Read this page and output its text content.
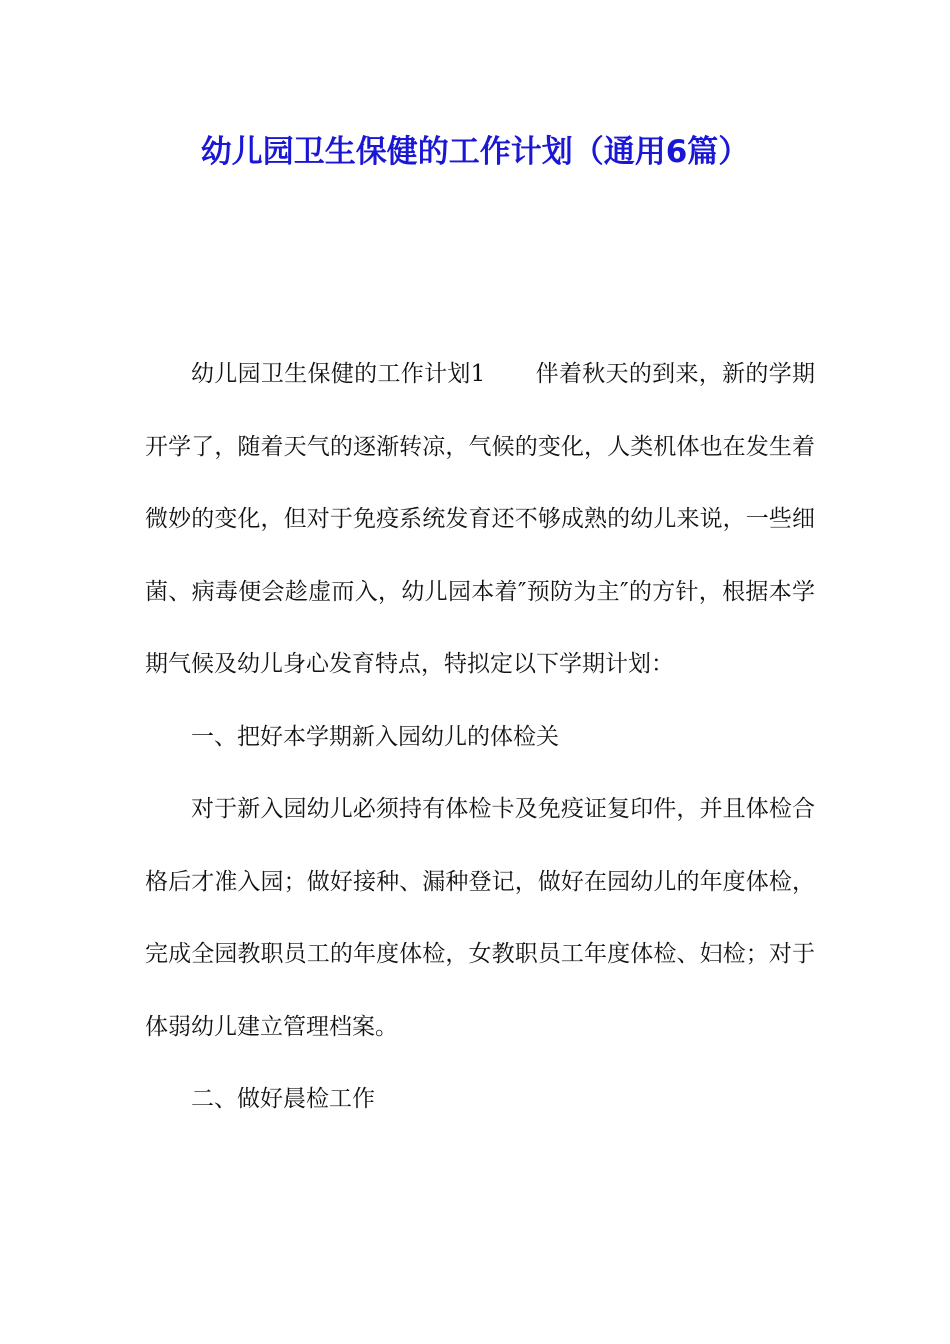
幼儿园卫生保健的工作计划（通用6篇）

幼儿园卫生保健的工作计划1 伴着秋天的到来，新的学期开学了，随着天气的逐渐转凉，气候的变化，人类机体也在发生着微妙的变化，但对于免疫系统发育还不够成熟的幼儿来说，一些细菌、病毒便会趁虚而入，幼儿园本着″预防为主″的方针，根据本学期气候及幼儿身心发育特点，特拟定以下学期计划：

一、把好本学期新入园幼儿的体检关

对于新入园幼儿必须持有体检卡及免疫证复印件，并且体检合格后才准入园；做好接种、漏种登记，做好在园幼儿的年度体检，完成全园教职员工的年度体检，女教职员工年度体检、妇检；对于体弱幼儿建立管理档案。

二、做好晨检工作
